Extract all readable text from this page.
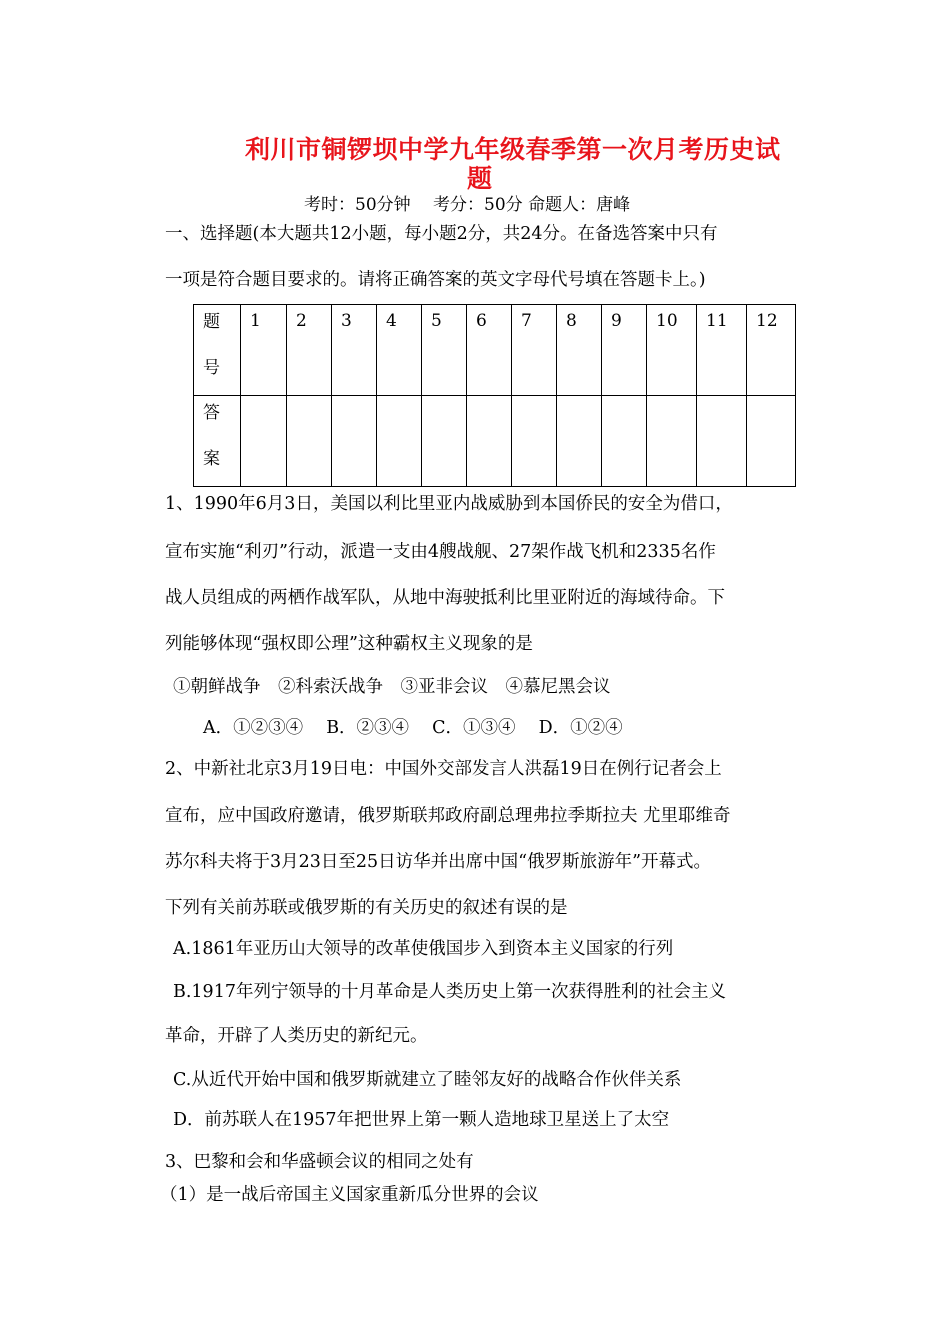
利川市铜锣坝中学九年级春季第一次月考历史试
题
考时：50分钟　 考分：50分 命题人：唐峰
一、选择题(本大题共12小题，每小题2分，共24分。在备选答案中只有
一项是符合题目要求的。请将正确答案的英文字母代号填在答题卡上。)
题
号	1	2	3	4	5	6	7	8	9	10	11	12

答
案												

1、1990年6月3日，美国以利比里亚内战威胁到本国侨民的安全为借口，
宣布实施“利刃”行动，派遣一支由4艘战舰、27架作战飞机和2335名作
战人员组成的两栖作战军队，从地中海驶抵利比里亚附近的海域待命。下
列能够体现“强权即公理”这种霸权主义现象的是
①朝鲜战争　②科索沃战争　③亚非会议　④慕尼黑会议
A．①②③④　 B．②③④　 C．①③④　 D．①②④
2、中新社北京3月19日电：中国外交部发言人洪磊19日在例行记者会上
宣布，应中国政府邀请，俄罗斯联邦政府副总理弗拉季斯拉夫 尤里耶维奇
苏尔科夫将于3月23日至25日访华并出席中国“俄罗斯旅游年”开幕式。
下列有关前苏联或俄罗斯的有关历史的叙述有误的是
A.1861年亚历山大领导的改革使俄国步入到资本主义国家的行列
B.1917年列宁领导的十月革命是人类历史上第一次获得胜利的社会主义
革命，开辟了人类历史的新纪元。
C.从近代开始中国和俄罗斯就建立了睦邻友好的战略合作伙伴关系
D．前苏联人在1957年把世界上第一颗人造地球卫星送上了太空
3、巴黎和会和华盛顿会议的相同之处有
（1）是一战后帝国主义国家重新瓜分世界的会议
